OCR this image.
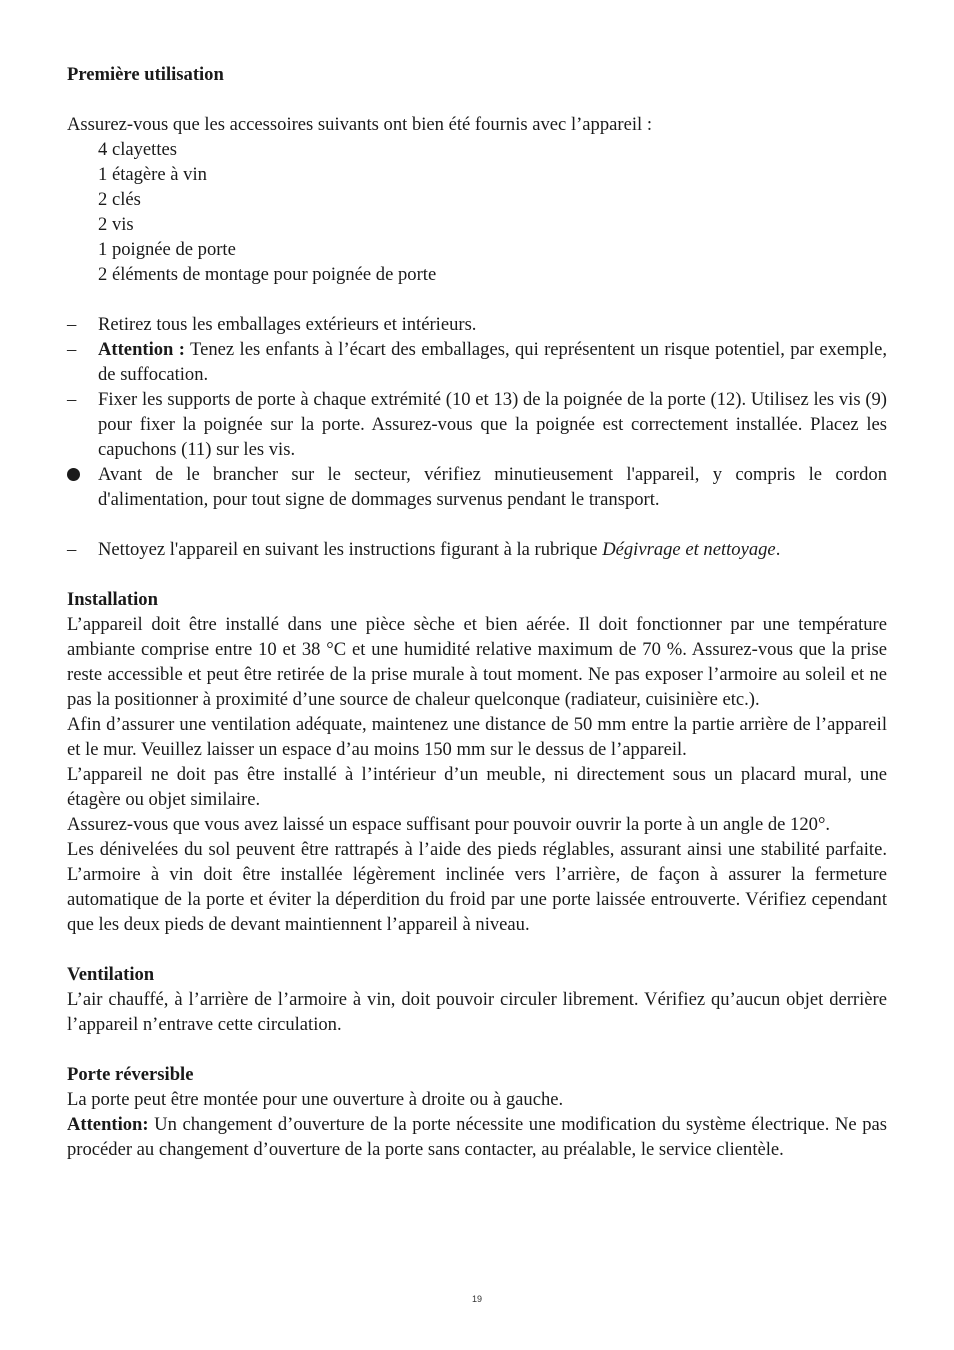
Première utilisation
Assurez-vous que les accessoires suivants ont bien été fournis avec l’appareil :
4 clayettes
1 étagère à vin
2 clés
2 vis
1 poignée de porte
2 éléments de montage pour poignée de porte
–	Retirez tous les emballages extérieurs et intérieurs.
–	Attention : Tenez les enfants à l’écart des emballages, qui représentent un risque potentiel, par exemple, de suffocation.
–	Fixer les supports de porte à chaque extrémité (10 et 13) de la poignée de la porte (12). Utilisez les vis (9) pour fixer la poignée sur la porte. Assurez-vous que la poignée est correctement installée. Placez les capuchons (11) sur les vis.
Avant de le brancher sur le secteur, vérifiez minutieusement l'appareil, y compris le cordon d'alimentation, pour tout signe de dommages survenus pendant le transport.
–	Nettoyez l'appareil en suivant les instructions figurant à la rubrique Dégivrage et nettoyage.
Installation
L’appareil doit être installé dans une pièce sèche et bien aérée. Il doit fonctionner par une température ambiante comprise entre 10 et 38 °C et une humidité relative maximum de 70 %. Assurez-vous que la prise reste accessible et peut être retirée de la prise murale à tout moment. Ne pas exposer l’armoire au soleil et ne pas la positionner à proximité d’une source de chaleur quelconque (radiateur, cuisinière etc.).
Afin d’assurer une ventilation adéquate, maintenez une distance de 50 mm entre la partie arrière de l’appareil et le mur. Veuillez laisser un espace d’au moins 150 mm sur le dessus de l’appareil.
L’appareil ne doit pas être installé à l’intérieur d’un meuble, ni directement sous un placard mural, une étagère ou objet similaire.
Assurez-vous que vous avez laissé un espace suffisant pour pouvoir ouvrir la porte à un angle de 120°.
Les dénivelées du sol peuvent être rattrapés à l’aide des pieds réglables, assurant ainsi une stabilité parfaite. L’armoire à vin doit être installée légèrement inclinée vers l’arrière, de façon à assurer la fermeture automatique de la porte et éviter la déperdition du froid par une porte laissée entrouverte. Vérifiez cependant que les deux pieds de devant maintiennent l’appareil à niveau.
Ventilation
L’air chauffé, à l’arrière de l’armoire à vin, doit pouvoir circuler librement. Vérifiez qu’aucun objet derrière l’appareil n’entrave cette circulation.
Porte réversible
La porte peut être montée pour une ouverture à droite ou à gauche.
Attention: Un changement d’ouverture de la porte nécessite une modification du système électrique. Ne pas procéder au changement d’ouverture de la porte sans contacter, au préalable, le service clientèle.
19
